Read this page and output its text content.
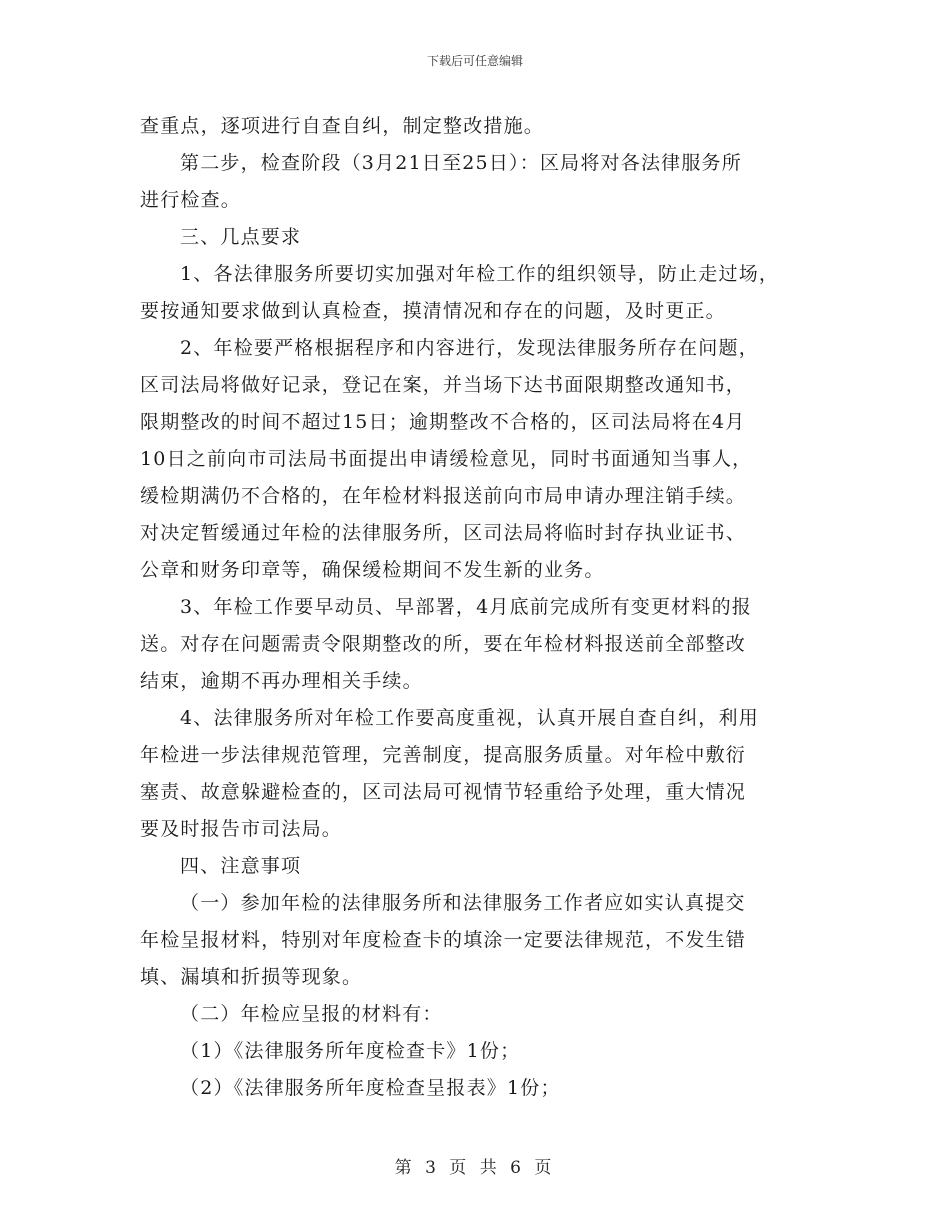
下载后可任意编辑
查重点，逐项进行自查自纠，制定整改措施。
第二步，检查阶段（3月21日至25日）：区局将对各法律服务所
进行检查。
三、几点要求
1、各法律服务所要切实加强对年检工作的组织领导，防止走过场，
要按通知要求做到认真检查，摸清情况和存在的问题，及时更正。
2、年检要严格根据程序和内容进行，发现法律服务所存在问题，
区司法局将做好记录，登记在案，并当场下达书面限期整改通知书，
限期整改的时间不超过15日；逾期整改不合格的，区司法局将在4月
10日之前向市司法局书面提出申请缓检意见，同时书面通知当事人，
缓检期满仍不合格的，在年检材料报送前向市局申请办理注销手续。
对决定暂缓通过年检的法律服务所，区司法局将临时封存执业证书、
公章和财务印章等，确保缓检期间不发生新的业务。
3、年检工作要早动员、早部署，4月底前完成所有变更材料的报
送。对存在问题需责令限期整改的所，要在年检材料报送前全部整改
结束，逾期不再办理相关手续。
4、法律服务所对年检工作要高度重视，认真开展自查自纠，利用
年检进一步法律规范管理，完善制度，提高服务质量。对年检中敷衍
塞责、故意躲避检查的，区司法局可视情节轻重给予处理，重大情况
要及时报告市司法局。
四、注意事项
（一）参加年检的法律服务所和法律服务工作者应如实认真提交
年检呈报材料，特别对年度检查卡的填涂一定要法律规范，不发生错
填、漏填和折损等现象。
（二）年检应呈报的材料有：
（1）《法律服务所年度检查卡》1份；
（2）《法律服务所年度检查呈报表》1份；
第 3 页 共 6 页
